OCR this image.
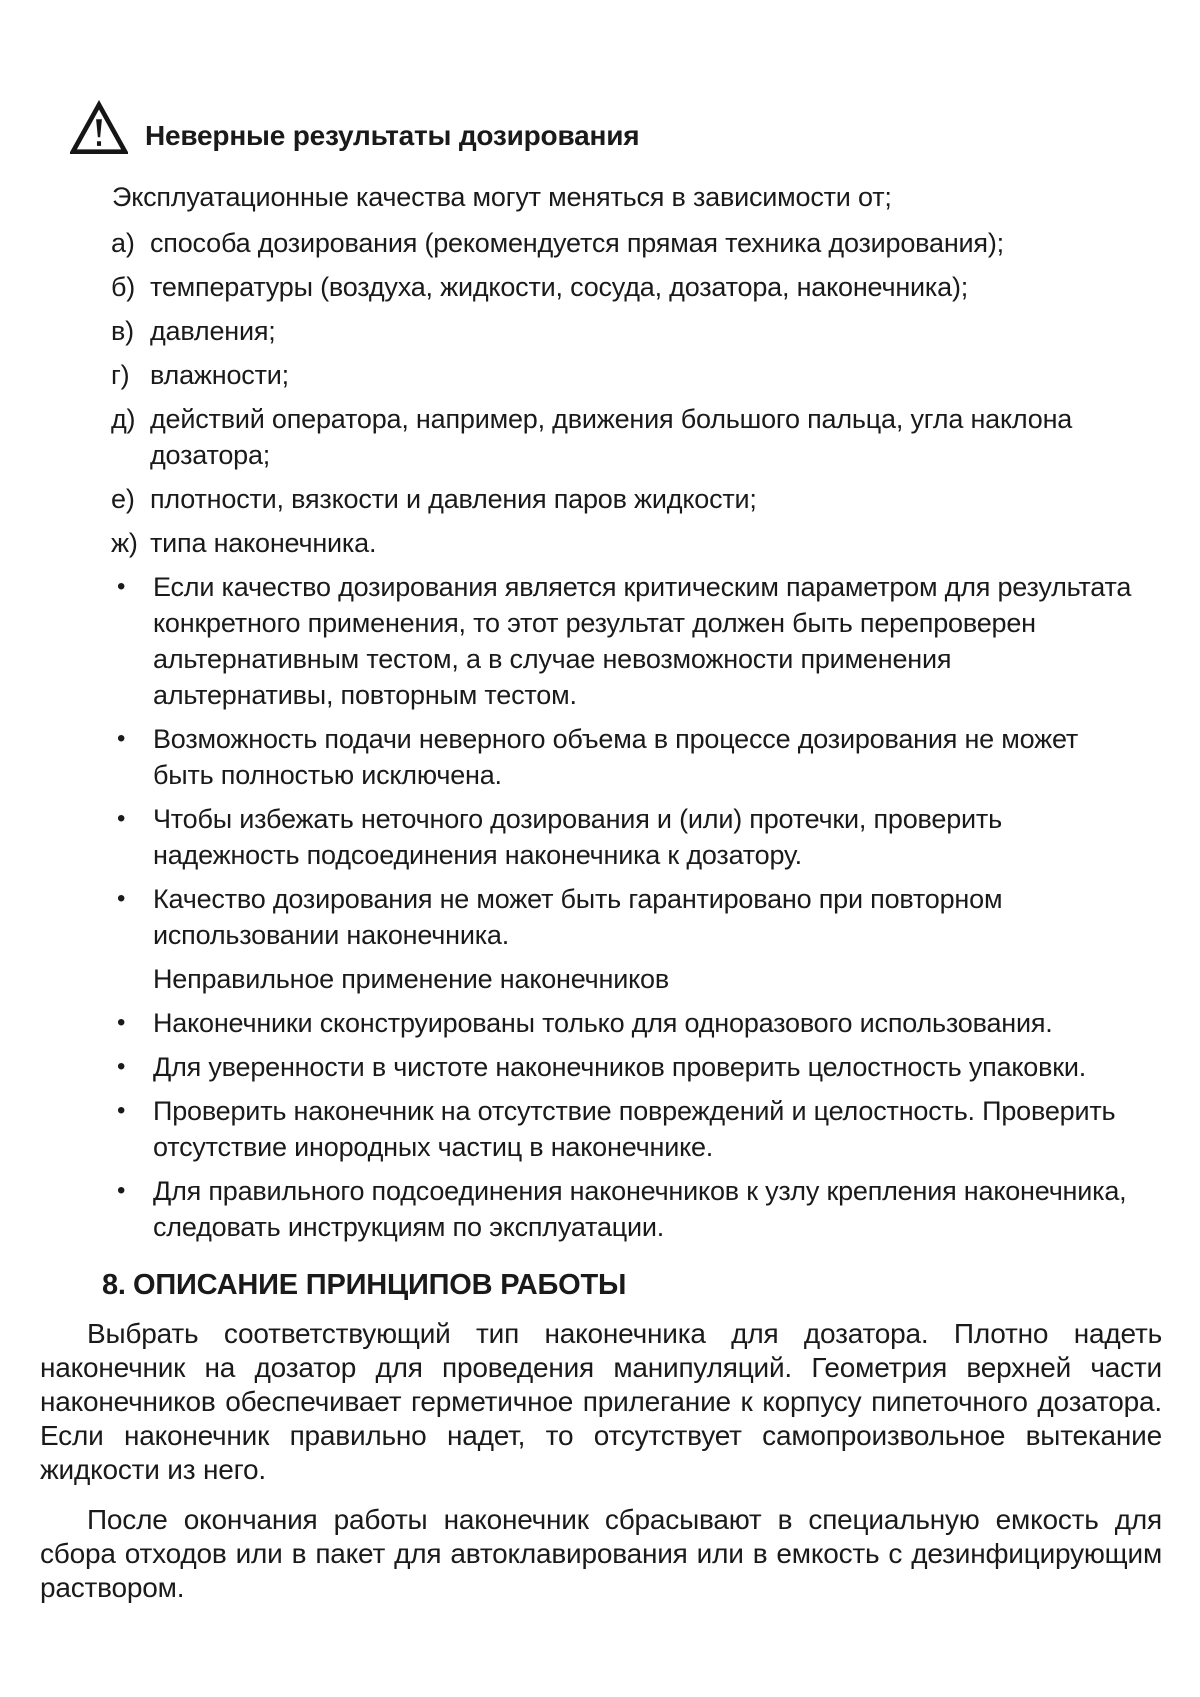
Неверные результаты дозирования

Эксплуатационные качества могут меняться в зависимости от;

а) способа дозирования (рекомендуется прямая техника дозирования);
б) температуры (воздуха, жидкости, сосуда, дозатора, наконечника);
в) давления;
г) влажности;
д) действий оператора, например, движения большого пальца, угла наклона дозатора;
е) плотности, вязкости и давления паров жидкости;
ж) типа наконечника.
•	Если качество дозирования является критическим параметром для результата конкретного применения, то этот результат должен быть перепроверен альтернативным тестом, а в случае невозможности применения альтернативы, повторным тестом.
•	Возможность подачи неверного объема в процессе дозирования не может быть полностью исключена.
•	Чтобы избежать неточного дозирования и (или) протечки, проверить надежность подсоединения наконечника к дозатору.
•	Качество дозирования не может быть гарантировано при повторном использовании наконечника.

Неправильное применение наконечников

•	Наконечники сконструированы только для одноразового использования.
•	Для уверенности в чистоте наконечников проверить целостность упаковки.
•	Проверить наконечник на отсутствие повреждений и целостность. Проверить отсутствие инородных частиц в наконечнике.
•	Для правильного подсоединения наконечников к узлу крепления наконечника, следовать инструкциям по эксплуатации.
8. ОПИСАНИЕ ПРИНЦИПОВ РАБОТЫ

Выбрать соответствующий тип наконечника для дозатора. Плотно надеть наконечник на дозатор для проведения манипуляций. Геометрия верхней части наконечников обеспечивает герметичное прилегание к корпусу пипеточного дозатора. Если наконечник правильно надет, то отсутствует самопроизвольное вытекание жидкости из него.

После окончания работы наконечник сбрасывают в специальную емкость для сбора отходов или в пакет для автоклавирования или в емкость с дезинфицирующим раствором.
